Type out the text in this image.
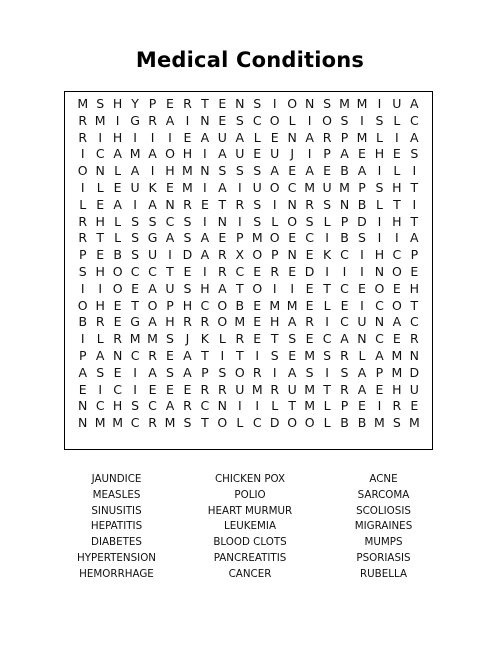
Medical Conditions
M S H Y P E R T E N S I O N S M M I U A
R M I G R A I N E S C O L I O S I S L C
R I H I	I	I E A U A L E N A R P M L I A
I C A M A O H I A U E U J	I P A E H E S
O N L A I H M N S S S A E A E B A I L I
I L E U K E M I A I U O C M U M P S H T
L E A I A N R E T R S I N R S N B L T I
R H L S S C S I N I S L O S L P D I H T
R T L S G A S A E P M O E C I B S I	I A
P E B S U I D A R X O P N E K C I H C P
S H O C C T E I R C E R E D I	I	I N O E
I	I O E A U S H A T O I	I E T C E O E H
O H E T O P H C O B E M M E L E I C O T
B R E G A H R R O M E H A R I C U N A C
I L R M M S J K L R E T S E C A N C E R
P A N C R E A T I T I S E M S R L A M N
A S E I A S A P S O R I A S I S A P M D
E I C I E E E R R U M R U M T R A E H U
N C H S C A R C N I	I L T M L P E I R E
N M M C R M S T O L C D O O L B B M S M
JAUNDICE
MEASLES
SINUSITIS
HEPATITIS
DIABETES
HYPERTENSION
HEMORRHAGE
CHICKEN POX
POLIO
HEART MURMUR
LEUKEMIA
BLOOD CLOTS
PANCREATITIS
CANCER
ACNE
SARCOMA
SCOLIOSIS
MIGRAINES
MUMPS
PSORIASIS
RUBELLA
